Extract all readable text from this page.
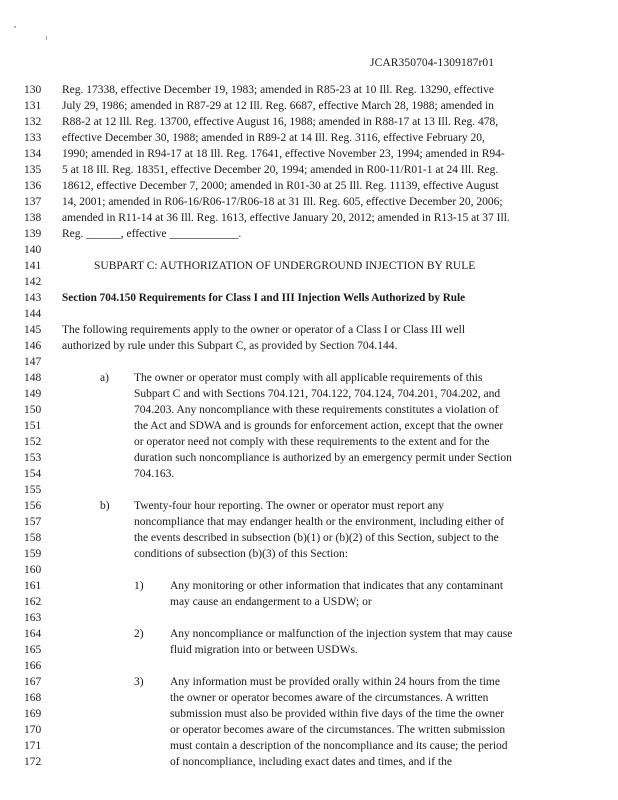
JCAR350704-1309187r01
130
131
132
133
134
135
136
137
138
139
140
141
142
143
144
145
146
147
148
149
150
151
152
153
154
155
156
157
158
159
160
161
162
163
164
165
166
167
168
169
170
171
172
Reg. 17338, effective December 19, 1983; amended in R85-23 at 10 Ill. Reg. 13290, effective
July 29, 1986; amended in R87-29 at 12 Ill. Reg. 6687, effective March 28, 1988; amended in
R88-2 at 12 Ill. Reg. 13700, effective August 16, 1988; amended in R88-17 at 13 Ill. Reg. 478,
effective December 30, 1988; amended in R89-2 at 14 Ill. Reg. 3116, effective February 20,
1990; amended in R94-17 at 18 Ill. Reg. 17641, effective November 23, 1994; amended in R94-
5 at 18 Ill. Reg. 18351, effective December 20, 1994; amended in R00-11/R01-1 at 24 Ill. Reg.
18612, effective December 7, 2000; amended in R01-30 at 25 Ill. Reg. 11139, effective August
14, 2001; amended in R06-16/R06-17/R06-18 at 31 Ill. Reg. 605, effective December 20, 2006;
amended in R11-14 at 36 Ill. Reg. 1613, effective January 20, 2012; amended in R13-15 at 37 Ill.
Reg. ______, effective ____________.
SUBPART C: AUTHORIZATION OF UNDERGROUND INJECTION BY RULE
Section 704.150 Requirements for Class I and III Injection Wells Authorized by Rule
The following requirements apply to the owner or operator of a Class I or Class III well
authorized by rule under this Subpart C, as provided by Section 704.144.
a) The owner or operator must comply with all applicable requirements of this
Subpart C and with Sections 704.121, 704.122, 704.124, 704.201, 704.202, and
704.203. Any noncompliance with these requirements constitutes a violation of
the Act and SDWA and is grounds for enforcement action, except that the owner
or operator need not comply with these requirements to the extent and for the
duration such noncompliance is authorized by an emergency permit under Section
704.163.
b) Twenty-four hour reporting. The owner or operator must report any
noncompliance that may endanger health or the environment, including either of
the events described in subsection (b)(1) or (b)(2) of this Section, subject to the
conditions of subsection (b)(3) of this Section:
1) Any monitoring or other information that indicates that any contaminant
may cause an endangerment to a USDW; or
2) Any noncompliance or malfunction of the injection system that may cause
fluid migration into or between USDWs.
3) Any information must be provided orally within 24 hours from the time
the owner or operator becomes aware of the circumstances. A written
submission must also be provided within five days of the time the owner
or operator becomes aware of the circumstances. The written submission
must contain a description of the noncompliance and its cause; the period
of noncompliance, including exact dates and times, and if the
